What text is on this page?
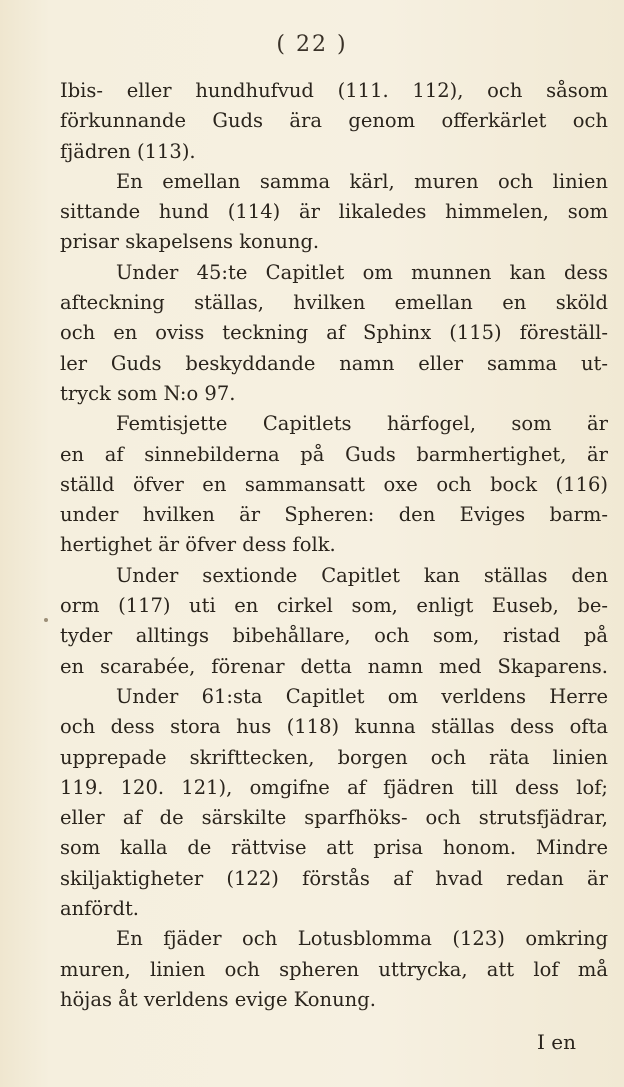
( 22 )
Ibis- eller hundhufvud (111. 112), och såsom
förkunnande Guds ära genom offerkärlet och
fjädren (113).
En emellan samma kärl, muren och linien
sittande hund (114) är likaledes himmelen, som
prisar skapelsens konung.
Under 45:te Capitlet om munnen kan dess
afteckning ställas, hvilken emellan en sköld
och en oviss teckning af Sphinx (115) föreställ-
ler Guds beskyddande namn eller samma ut-
tryck som N:o 97.
Femtisjette Capitlets härfogel, som är
en af sinnebilderna på Guds barmhertighet, är
ställd öfver en sammansatt oxe och bock (116)
under hvilken är Spheren: den Eviges barm-
hertighet är öfver dess folk.
Under sextionde Capitlet kan ställas den
orm (117) uti en cirkel som, enligt Euseb, be-
tyder alltings bibehållare, och som, ristad på
en scarabée, förenar detta namn med Skaparens.
Under 61:sta Capitlet om verldens Herre
och dess stora hus (118) kunna ställas dess ofta
upprepade skrifttecken, borgen och räta linien
119. 120. 121), omgifne af fjädren till dess lof;
eller af de särskilte sparfhöks- och strutsfjädrar,
som kalla de rättvise att prisa honom. Mindre
skiljaktigheter (122) förstås af hvad redan är
anfördt.
En fjäder och Lotusblomma (123) omkring
muren, linien och spheren uttrycka, att lof må
höjas åt verldens evige Konung.
I en
